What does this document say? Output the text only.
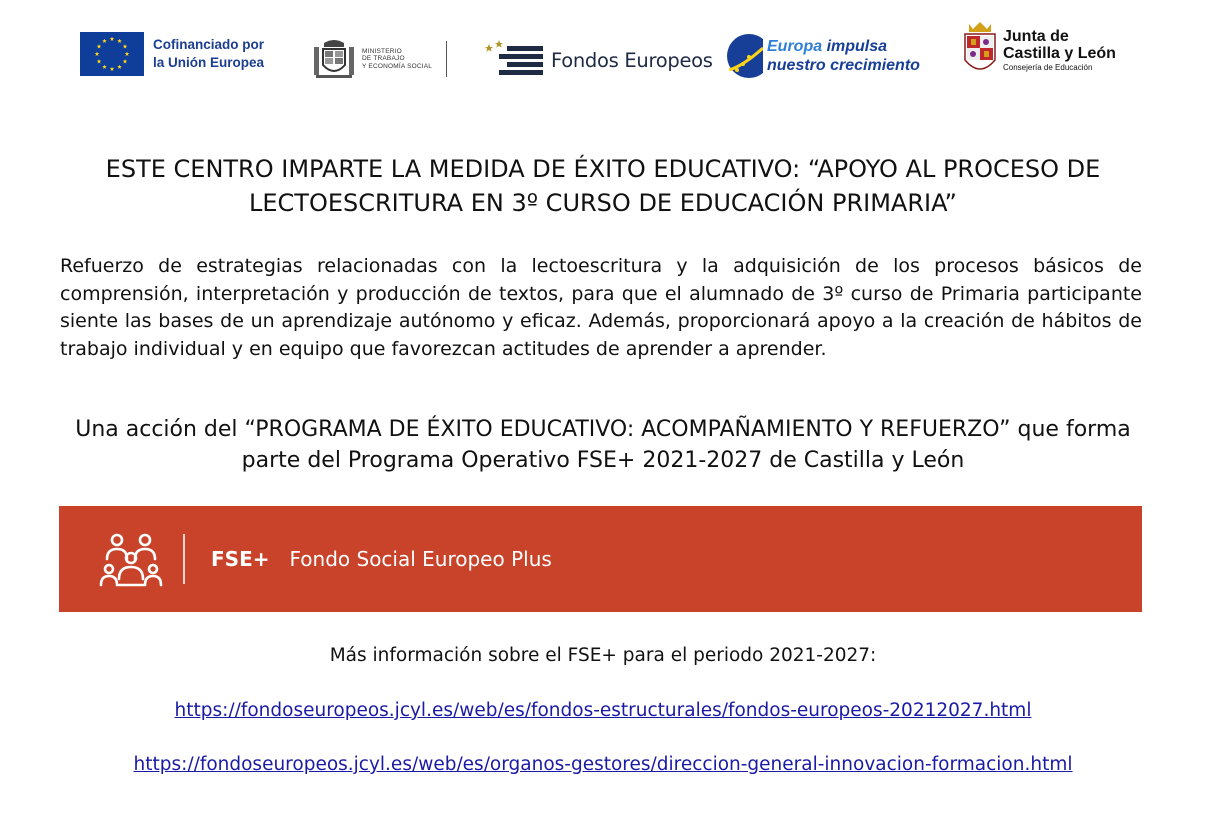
Cofinanciado por
la Unión Europea
MINISTERIO
DE TRABAJO
Y ECONOMÍA SOCIAL	Fondos Europeos
Europa impulsa
nuestro crecimiento
Junta de
Castilla y León
Consejería de Educación
ESTE CENTRO IMPARTE LA MEDIDA DE ÉXITO EDUCATIVO: “APOYO AL PROCESO DE LECTOESCRITURA EN 3º CURSO DE EDUCACIÓN PRIMARIA”

Refuerzo de estrategias relacionadas con la lectoescritura y la adquisición de los procesos básicos de comprensión, interpretación y producción de textos, para que el alumnado de 3º curso de Primaria participante siente las bases de un aprendizaje autónomo y eficaz. Además, proporcionará apoyo a la creación de hábitos de trabajo individual y en equipo que favorezcan actitudes de aprender a aprender.

Una acción del “PROGRAMA DE ÉXITO EDUCATIVO: ACOMPAÑAMIENTO Y REFUERZO” que forma parte del Programa Operativo FSE+ 2021-2027 de Castilla y León

FSE+ Fondo Social Europeo Plus

Más información sobre el FSE+ para el periodo 2021-2027:

https://fondoseuropeos.jcyl.es/web/es/fondos-estructurales/fondos-europeos-20212027.html

https://fondoseuropeos.jcyl.es/web/es/organos-gestores/direccion-general-innovacion-formacion.html
